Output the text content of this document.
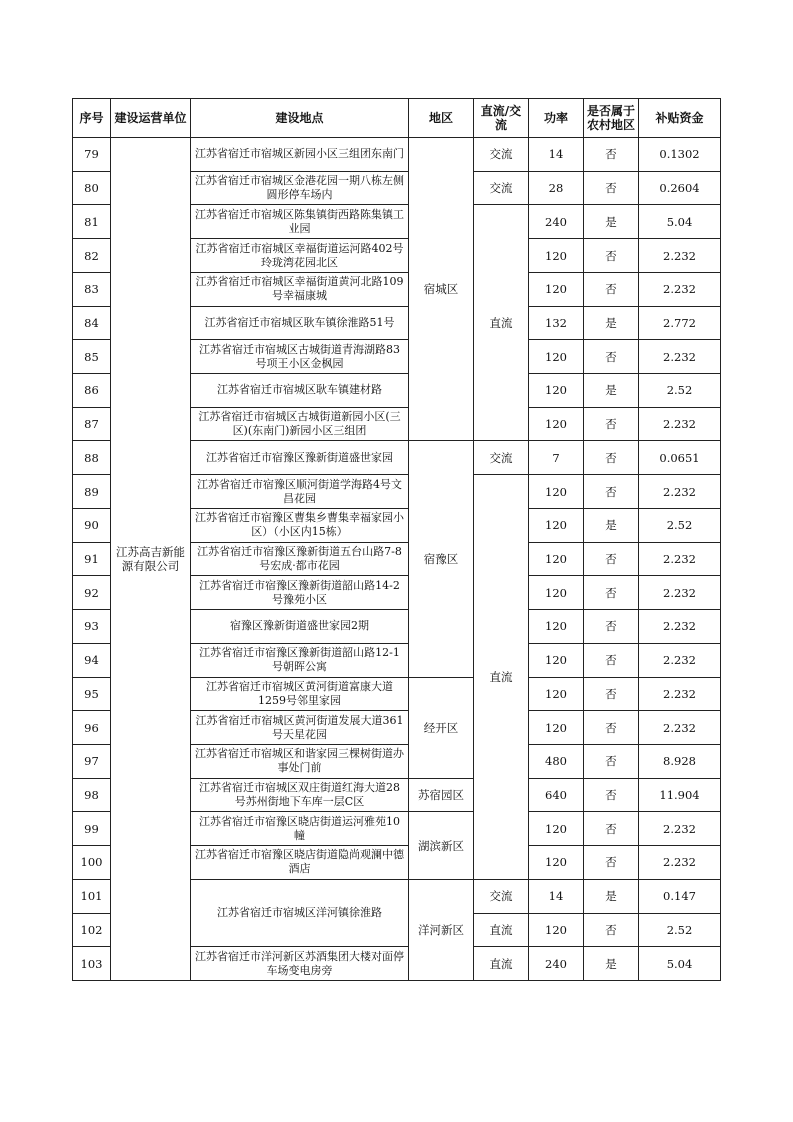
序号	建设运营单位	建设地点	地区	直流/交流	功率	是否属于农村地区	补贴资金
79	江苏高吉新能源有限公司	江苏省宿迁市宿城区新园小区三组团东南门	宿城区	交流	14	否	0.1302
80		江苏省宿迁市宿城区金港花园一期八栋左侧圆形停车场内		交流	28	否	0.2604
81		江苏省宿迁市宿城区陈集镇街西路陈集镇工业园		直流	240	是	5.04
82		江苏省宿迁市宿城区幸福街道运河路402号玲珑湾花园北区			120	否	2.232
83		江苏省宿迁市宿城区幸福街道黄河北路109号幸福康城			120	否	2.232
84		江苏省宿迁市宿城区耿车镇徐淮路51号			132	是	2.772
85		江苏省宿迁市宿城区古城街道青海湖路83号项王小区金枫园			120	否	2.232
86		江苏省宿迁市宿城区耿车镇建材路			120	是	2.52
87		江苏省宿迁市宿城区古城街道新园小区(三区)(东南门)新园小区三组团			120	否	2.232
88		江苏省宿迁市宿豫区豫新街道盛世家园	宿豫区	交流	7	否	0.0651
89		江苏省宿迁市宿豫区顺河街道学海路4号文昌花园		直流	120	否	2.232
90		江苏省宿迁市宿豫区曹集乡曹集幸福家园小区）（小区内15栋）			120	是	2.52
91		江苏省宿迁市宿豫区豫新街道五台山路7-8号宏成·都市花园			120	否	2.232
92		江苏省宿迁市宿豫区豫新街道韶山路14-2号豫苑小区			120	否	2.232
93		宿豫区豫新街道盛世家园2期			120	否	2.232
94		江苏省宿迁市宿豫区豫新街道韶山路12-1号朝晖公寓			120	否	2.232
95		江苏省宿迁市宿城区黄河街道富康大道1259号邻里家园	经开区		120	否	2.232
96		江苏省宿迁市宿城区黄河街道发展大道361号天星花园			120	否	2.232
97		江苏省宿迁市宿城区和谐家园三棵树街道办事处门前			480	否	8.928
98		江苏省宿迁市宿城区双庄街道红海大道28号苏州街地下车库一层C区	苏宿园区		640	否	11.904
99		江苏省宿迁市宿豫区晓店街道运河雅苑10幢	湖滨新区		120	否	2.232
100		江苏省宿迁市宿豫区晓店街道隐尚观澜中德酒店			120	否	2.232
101		江苏省宿迁市宿城区洋河镇徐淮路	洋河新区	交流	14	是	0.147
102				直流	120	否	2.52
103		江苏省宿迁市洋河新区苏酒集团大楼对面停车场变电房旁		直流	240	是	5.04
